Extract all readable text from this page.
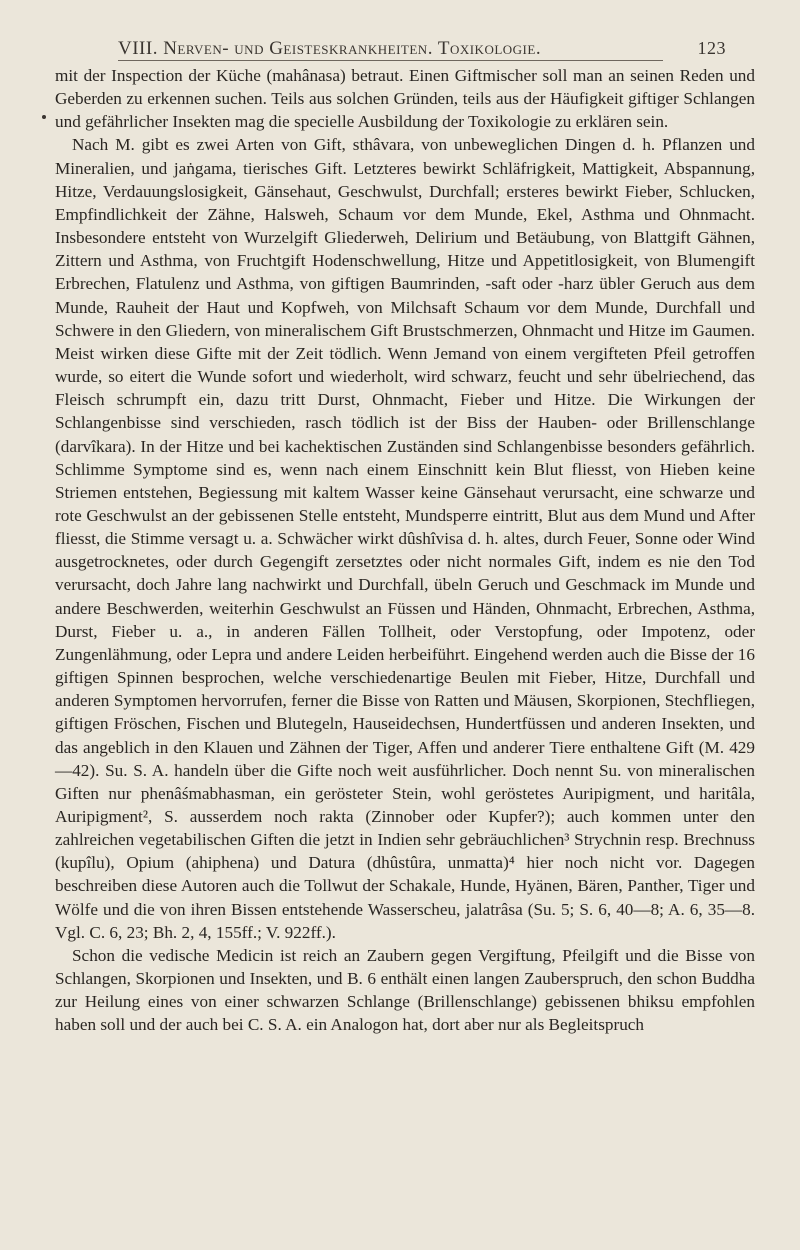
VIII. Nerven- und Geisteskrankheiten. Toxikologie.	123

mit der Inspection der Küche (mahânasa) betraut. Einen Giftmischer soll man an seinen Reden und Geberden zu erkennen suchen. Teils aus solchen Gründen, teils aus der Häufigkeit giftiger Schlangen und gefährlicher Insekten mag die specielle Ausbildung der Toxikologie zu erklären sein.

Nach M. gibt es zwei Arten von Gift, sthâvara, von unbeweglichen Dingen d. h. Pflanzen und Mineralien, und jaṅgama, tierisches Gift. Letzteres bewirkt Schläfrigkeit, Mattigkeit, Abspannung, Hitze, Verdauungslosigkeit, Gänsehaut, Geschwulst, Durchfall; ersteres bewirkt Fieber, Schlucken, Empfindlichkeit der Zähne, Halsweh, Schaum vor dem Munde, Ekel, Asthma und Ohnmacht. Insbesondere entsteht von Wurzelgift Gliederweh, Delirium und Betäubung, von Blattgift Gähnen, Zittern und Asthma, von Fruchtgift Hodenschwellung, Hitze und Appetitlosigkeit, von Blumengift Erbrechen, Flatulenz und Asthma, von giftigen Baumrinden, -saft oder -harz übler Geruch aus dem Munde, Rauheit der Haut und Kopfweh, von Milchsaft Schaum vor dem Munde, Durchfall und Schwere in den Gliedern, von mineralischem Gift Brustschmerzen, Ohnmacht und Hitze im Gaumen. Meist wirken diese Gifte mit der Zeit tödlich. Wenn Jemand von einem vergifteten Pfeil getroffen wurde, so eitert die Wunde sofort und wiederholt, wird schwarz, feucht und sehr übelriechend, das Fleisch schrumpft ein, dazu tritt Durst, Ohnmacht, Fieber und Hitze. Die Wirkungen der Schlangenbisse sind verschieden, rasch tödlich ist der Biss der Hauben- oder Brillenschlange (darvîkara). In der Hitze und bei kachektischen Zuständen sind Schlangenbisse besonders gefährlich. Schlimme Symptome sind es, wenn nach einem Einschnitt kein Blut fliesst, von Hieben keine Striemen entstehen, Begiessung mit kaltem Wasser keine Gänsehaut verursacht, eine schwarze und rote Geschwulst an der gebissenen Stelle entsteht, Mundsperre eintritt, Blut aus dem Mund und After fliesst, die Stimme versagt u. a. Schwächer wirkt dûshîvisa d. h. altes, durch Feuer, Sonne oder Wind ausgetrocknetes, oder durch Gegengift zersetztes oder nicht normales Gift, indem es nie den Tod verursacht, doch Jahre lang nachwirkt und Durchfall, übeln Geruch und Geschmack im Munde und andere Beschwerden, weiterhin Geschwulst an Füssen und Händen, Ohnmacht, Erbrechen, Asthma, Durst, Fieber u. a., in anderen Fällen Tollheit, oder Verstopfung, oder Impotenz, oder Zungenlähmung, oder Lepra und andere Leiden herbeiführt. Eingehend werden auch die Bisse der 16 giftigen Spinnen besprochen, welche verschiedenartige Beulen mit Fieber, Hitze, Durchfall und anderen Symptomen hervorrufen, ferner die Bisse von Ratten und Mäusen, Skorpionen, Stechfliegen, giftigen Fröschen, Fischen und Blutegeln, Hauseidechsen, Hundertfüssen und anderen Insekten, und das angeblich in den Klauen und Zähnen der Tiger, Affen und anderer Tiere enthaltene Gift (M. 429—42). Su. S. A. handeln über die Gifte noch weit ausführlicher. Doch nennt Su. von mineralischen Giften nur phenâśmabhasman, ein gerösteter Stein, wohl geröstetes Auripigment, und haritâla, Auripigment², S. ausserdem noch rakta (Zinnober oder Kupfer?); auch kommen unter den zahlreichen vegetabilischen Giften die jetzt in Indien sehr gebräuchlichen³ Strychnin resp. Brechnuss (kupîlu), Opium (ahiphena) und Datura (dhûstûra, unmatta)⁴ hier noch nicht vor. Dagegen beschreiben diese Autoren auch die Tollwut der Schakale, Hunde, Hyänen, Bären, Panther, Tiger und Wölfe und die von ihren Bissen entstehende Wasserscheu, jalatrâsa (Su. 5; S. 6, 40—8; A. 6, 35—8. Vgl. C. 6, 23; Bh. 2, 4, 155ff.; V. 922ff.).

Schon die vedische Medicin ist reich an Zaubern gegen Vergiftung, Pfeilgift und die Bisse von Schlangen, Skorpionen und Insekten, und B. 6 enthält einen langen Zauberspruch, den schon Buddha zur Heilung eines von einer schwarzen Schlange (Brillenschlange) gebissenen bhiksu empfohlen haben soll und der auch bei C. S. A. ein Analogon hat, dort aber nur als Begleitspruch
